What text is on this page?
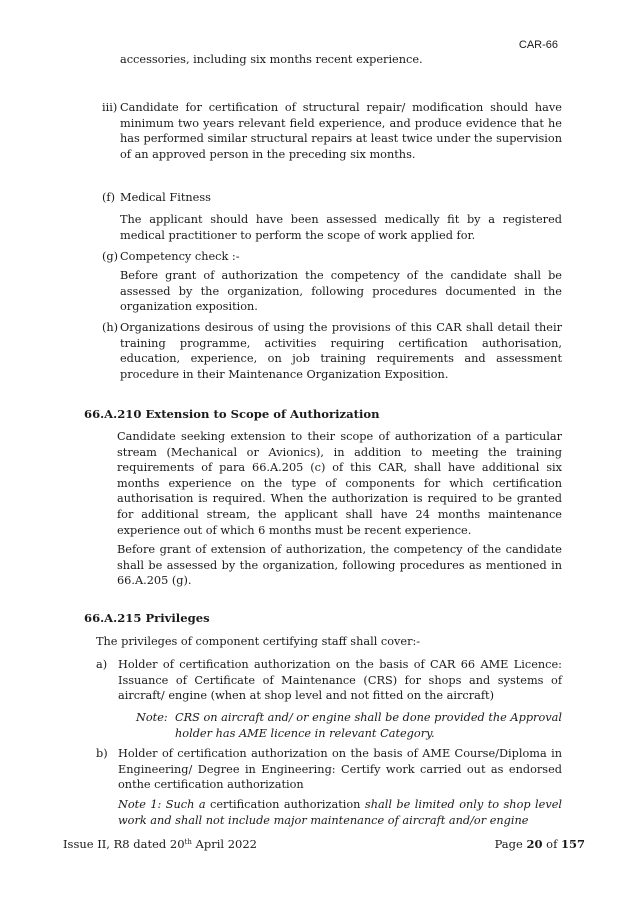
CAR-66
accessories, including six months recent experience.
iii) Candidate for certification of structural repair/ modification should have minimum two years relevant field experience, and produce evidence that he has performed similar structural repairs at least twice under the supervision of an approved person in the preceding six months.
(f) Medical Fitness
The applicant should have been assessed medically fit by a registered medical practitioner to perform the scope of work applied for.
(g) Competency check :-
Before grant of authorization the competency of the candidate shall be assessed by the organization, following procedures documented in the organization exposition.
(h) Organizations desirous of using the provisions of this CAR shall detail their training programme, activities requiring certification authorisation, education, experience, on job training requirements and assessment procedure in their Maintenance Organization Exposition.
66.A.210 Extension to Scope of Authorization
Candidate seeking extension to their scope of authorization of a particular stream (Mechanical or Avionics), in addition to meeting the training requirements of para 66.A.205 (c) of this CAR, shall have additional six months experience on the type of components for which certification authorisation is required. When the authorization is required to be granted for additional stream, the applicant shall have 24 months maintenance experience out of which 6 months must be recent experience.
Before grant of extension of authorization, the competency of the candidate shall be assessed by the organization, following procedures as mentioned in 66.A.205 (g).
66.A.215 Privileges
The privileges of component certifying staff shall cover:-
a) Holder of certification authorization on the basis of CAR 66 AME Licence: Issuance of Certificate of Maintenance (CRS) for shops and systems of aircraft/ engine (when at shop level and not fitted on the aircraft)
Note: CRS on aircraft and/ or engine shall be done provided the Approval holder has AME licence in relevant Category.
b) Holder of certification authorization on the basis of AME Course/Diploma in Engineering/ Degree in Engineering: Certify work carried out as endorsed onthe certification authorization
Note 1: Such a certification authorization shall be limited only to shop level work and shall not include major maintenance of aircraft and/or engine
Issue II, R8 dated 20th April 2022	Page 20 of 157
